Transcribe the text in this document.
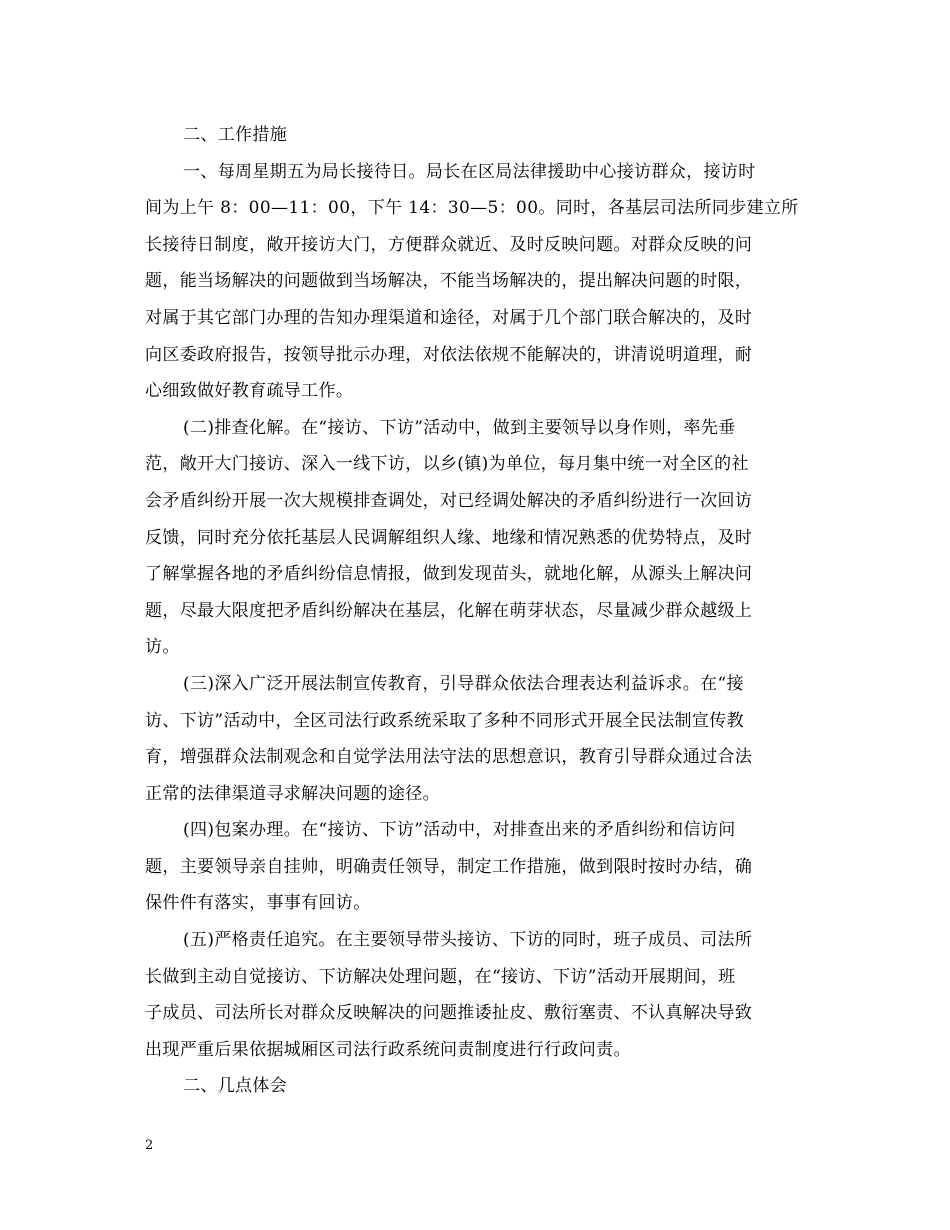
二、工作措施
一、每周星期五为局长接待日。局长在区局法律援助中心接访群众，接访时
间为上午 8：00—11：00，下午 14：30—5：00。同时，各基层司法所同步建立所
长接待日制度，敞开接访大门，方便群众就近、及时反映问题。对群众反映的问
题，能当场解决的问题做到当场解决，不能当场解决的，提出解决问题的时限，
对属于其它部门办理的告知办理渠道和途径，对属于几个部门联合解决的，及时
向区委政府报告，按领导批示办理，对依法依规不能解决的，讲清说明道理，耐
心细致做好教育疏导工作。
(二)排查化解。在“接访、下访”活动中，做到主要领导以身作则，率先垂
范，敞开大门接访、深入一线下访，以乡(镇)为单位，每月集中统一对全区的社
会矛盾纠纷开展一次大规模排查调处，对已经调处解决的矛盾纠纷进行一次回访
反馈，同时充分依托基层人民调解组织人缘、地缘和情况熟悉的优势特点，及时
了解掌握各地的矛盾纠纷信息情报，做到发现苗头，就地化解，从源头上解决问
题，尽最大限度把矛盾纠纷解决在基层，化解在萌芽状态，尽量减少群众越级上
访。
(三)深入广泛开展法制宣传教育，引导群众依法合理表达利益诉求。在“接
访、下访”活动中，全区司法行政系统采取了多种不同形式开展全民法制宣传教
育，增强群众法制观念和自觉学法用法守法的思想意识，教育引导群众通过合法
正常的法律渠道寻求解决问题的途径。
(四)包案办理。在“接访、下访”活动中，对排查出来的矛盾纠纷和信访问
题，主要领导亲自挂帅，明确责任领导，制定工作措施，做到限时按时办结，确
保件件有落实，事事有回访。
(五)严格责任追究。在主要领导带头接访、下访的同时，班子成员、司法所
长做到主动自觉接访、下访解决处理问题，在“接访、下访”活动开展期间，班
子成员、司法所长对群众反映解决的问题推诿扯皮、敷衍塞责、不认真解决导致
出现严重后果依据城厢区司法行政系统问责制度进行行政问责。
二、几点体会
2
